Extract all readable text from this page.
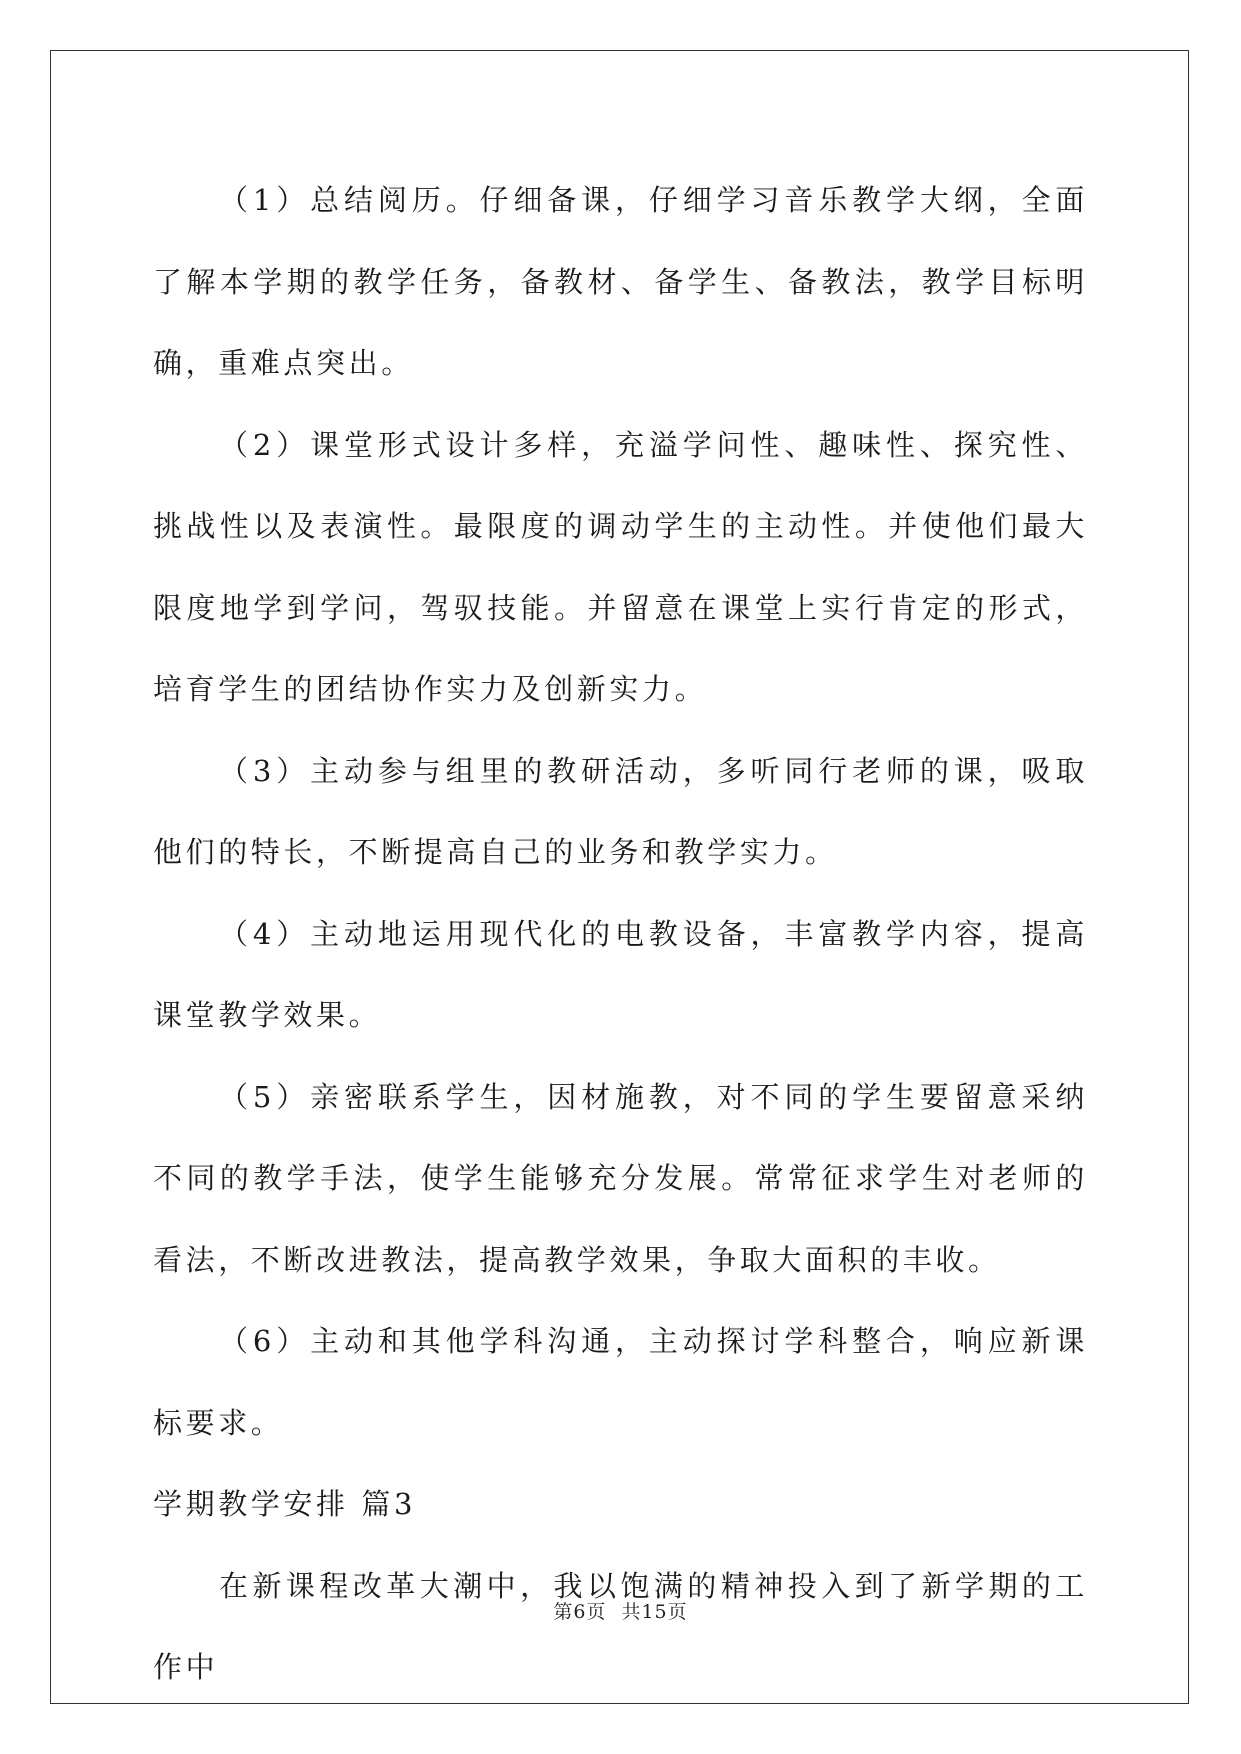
（1）总结阅历。仔细备课，仔细学习音乐教学大纲，全面了解本学期的教学任务，备教材、备学生、备教法，教学目标明确，重难点突出。

（2）课堂形式设计多样，充溢学问性、趣味性、探究性、挑战性以及表演性。最限度的调动学生的主动性。并使他们最大限度地学到学问，驾驭技能。并留意在课堂上实行肯定的形式，培育学生的团结协作实力及创新实力。

（3）主动参与组里的教研活动，多听同行老师的课，吸取他们的特长，不断提高自己的业务和教学实力。

（4）主动地运用现代化的电教设备，丰富教学内容，提高课堂教学效果。

（5）亲密联系学生，因材施教，对不同的学生要留意采纳不同的教学手法，使学生能够充分发展。常常征求学生对老师的看法，不断改进教法，提高教学效果，争取大面积的丰收。

（6）主动和其他学科沟通，主动探讨学科整合，响应新课标要求。

学期教学安排 篇3

在新课程改革大潮中，我以饱满的精神投入到了新学期的工作中

第6页 共15页
